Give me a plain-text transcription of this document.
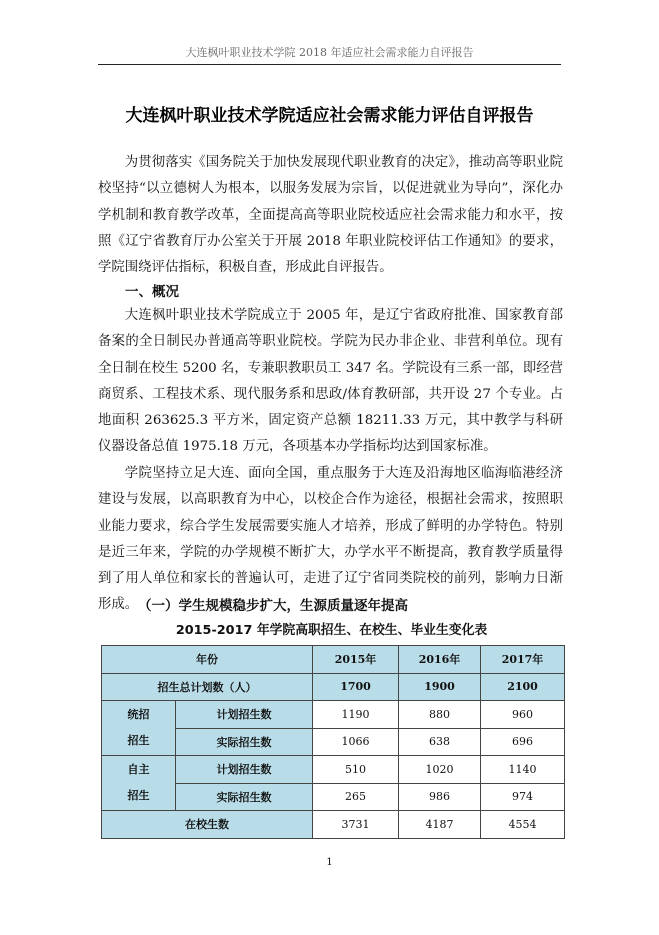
大连枫叶职业技术学院 2018 年适应社会需求能力自评报告
大连枫叶职业技术学院适应社会需求能力评估自评报告

为贯彻落实《国务院关于加快发展现代职业教育的决定》，推动高等职业院校坚持“以立德树人为根本，以服务发展为宗旨，以促进就业为导向”，深化办学机制和教育教学改革，全面提高高等职业院校适应社会需求能力和水平，按照《辽宁省教育厅办公室关于开展 2018 年职业院校评估工作通知》的要求，学院围绕评估指标，积极自查，形成此自评报告。

一、概况

大连枫叶职业技术学院成立于 2005 年，是辽宁省政府批准、国家教育部备案的全日制民办普通高等职业院校。学院为民办非企业、非营利单位。现有全日制在校生 5200 名，专兼职教职员工 347 名。学院设有三系一部，即经营商贸系、工程技术系、现代服务系和思政/体育教研部，共开设 27 个专业。占地面积 263625.3 平方米，固定资产总额 18211.33 万元，其中教学与科研仪器设备总值 1975.18 万元，各项基本办学指标均达到国家标准。

学院坚持立足大连、面向全国，重点服务于大连及沿海地区临海临港经济建设与发展，以高职教育为中心，以校企合作为途径，根据社会需求，按照职业能力要求，综合学生发展需要实施人才培养，形成了鲜明的办学特色。特别是近三年来，学院的办学规模不断扩大，办学水平不断提高，教育教学质量得到了用人单位和家长的普遍认可，走进了辽宁省同类院校的前列，影响力日渐形成。 （一）学生规模稳步扩大，生源质量逐年提高
2015-2017 年学院高职招生、在校生、毕业生变化表
年份		2015年	2016年	2017年
招生总计划数（人）		1700	1900	2100
统招
招生	计划招生数	1190	880	960
	实际招生数	1066	638	696
自主
招生	计划招生数	510	1020	1140
	实际招生数	265	986	974
在校生数		3731	4187	4554
1
